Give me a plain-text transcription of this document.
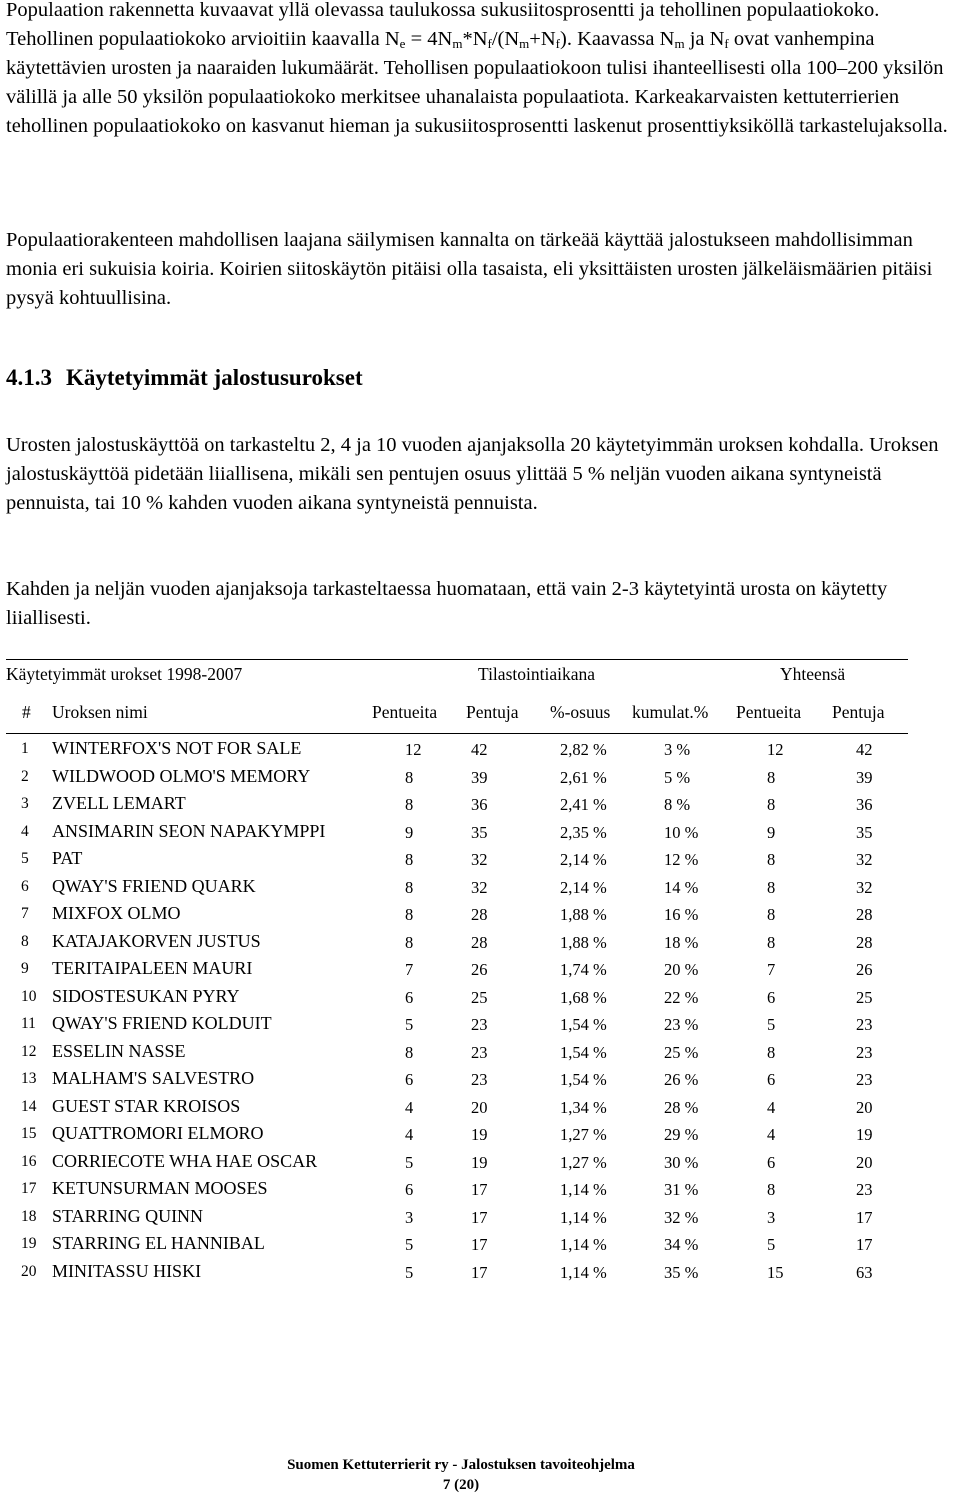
Populaation rakennetta kuvaavat yllä olevassa taulukossa sukusiitosprosentti ja tehollinen populaatiokoko. Tehollinen populaatiokoko arvioitiin kaavalla $N_e = 4N_m*N_f/(N_m+N_f)$. Kaavassa $N_m$ ja $N_f$ ovat vanhempina käytettävien urosten ja naaraiden lukumäärät. Tehollisen populaatiokoon tulisi ihanteellisesti olla 100–200 yksilön välillä ja alle 50 yksilön populaatiokoko merkitsee uhanalaista populaatiota. Karkeakarvaisten kettuterrierien tehollinen populaatiokoko on kasvanut hieman ja sukusiitosprosentti laskenut prosenttiyksiköllä tarkastelujaksolla.

Populaatiorakenteen mahdollisen laajana säilymisen kannalta on tärkeää käyttää jalostukseen mahdollisimman monia eri sukuisia koiria. Koirien siitoskäytön pitäisi olla tasaista, eli yksittäisten urosten jälkeläismäärien pitäisi pysyä kohtuullisina.

4.1.3 Käytetyimmät jalostusurokset

Urosten jalostuskäyttöä on tarkasteltu 2, 4 ja 10 vuoden ajanjaksolla 20 käytetyimmän uroksen kohdalla. Uroksen jalostuskäyttöä pidetään liiallisena, mikäli sen pentujen osuus ylittää 5 % neljän vuoden aikana syntyneistä pennuista, tai 10 % kahden vuoden aikana syntyneistä pennuista.

Kahden ja neljän vuoden ajanjaksoja tarkasteltaessa huomataan, että vain 2-3 käytetyintä urosta on käytetty liiallisesti.

Käytetyimmät urokset 1998-2007	Tilastointiaikana	Yhteensä
# Uroksen nimi	Pentueita Pentuja %-osuus kumulat.% Pentueita Pentuja
1 WINTERFOX'S NOT FOR SALE	12	42	2,82 %	3 %	12	42
2 WILDWOOD OLMO'S MEMORY	8	39	2,61 %	5 %	8	39
3 ZVELL LEMART	8	36	2,41 %	8 %	8	36
4 ANSIMARIN SEON NAPAKYMPPI	9	35	2,35 %	10 %	9	35
5 PAT	8	32	2,14 %	12 %	8	32
6 QWAY'S FRIEND QUARK	8	32	2,14 %	14 %	8	32
7 MIXFOX OLMO	8	28	1,88 %	16 %	8	28
8 KATAJAKORVEN JUSTUS	8	28	1,88 %	18 %	8	28
9 TERITAIPALEEN MAURI	7	26	1,74 %	20 %	7	26
10 SIDOSTESUKAN PYRY	6	25	1,68 %	22 %	6	25
11 QWAY'S FRIEND KOLDUIT	5	23	1,54 %	23 %	5	23
12 ESSELIN NASSE	8	23	1,54 %	25 %	8	23
13 MALHAM'S SALVESTRO	6	23	1,54 %	26 %	6	23
14 GUEST STAR KROISOS	4	20	1,34 %	28 %	4	20
15 QUATTROMORI ELMORO	4	19	1,27 %	29 %	4	19
16 CORRIECOTE WHA HAE OSCAR	5	19	1,27 %	30 %	6	20
17 KETUNSURMAN MOOSES	6	17	1,14 %	31 %	8	23
18 STARRING QUINN	3	17	1,14 %	32 %	3	17
19 STARRING EL HANNIBAL	5	17	1,14 %	34 %	5	17
20 MINITASSU HISKI	5	17	1,14 %	35 %	15	63
Suomen Kettuterrierit ry - Jalostuksen tavoiteohjelma
7 (20)
